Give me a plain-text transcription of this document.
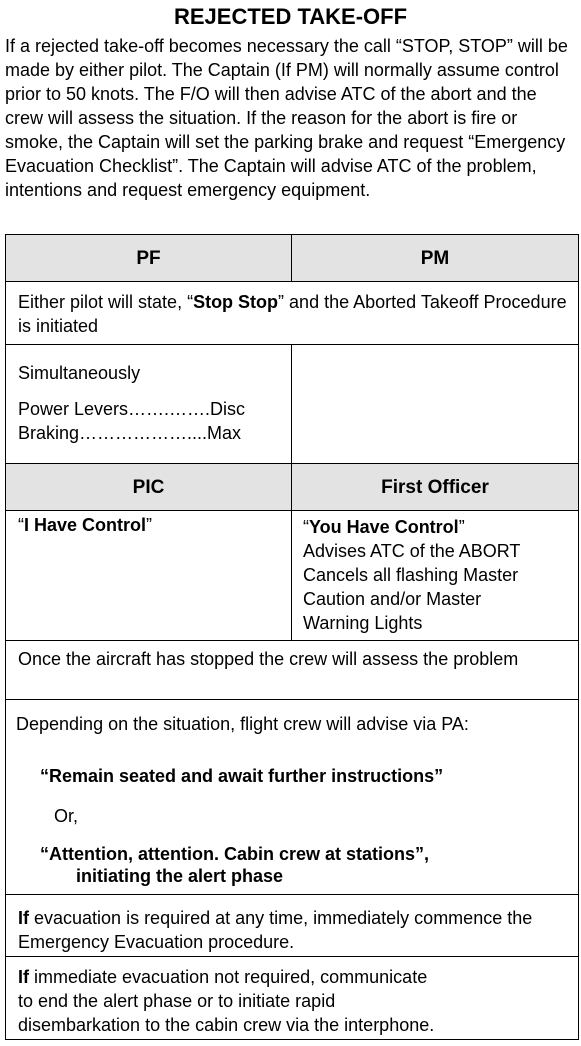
REJECTED TAKE-OFF
If a rejected take-off becomes necessary the call “STOP, STOP” will be made by either pilot. The Captain (If PM) will normally assume control prior to 50 knots. The F/O will then advise ATC of the abort and the crew will assess the situation. If the reason for the abort is fire or smoke, the Captain will set the parking brake and request “Emergency Evacuation Checklist”. The Captain will advise ATC of the problem, intentions and request emergency equipment.
PF	PM
Either pilot will state, “Stop Stop” and the Aborted Takeoff Procedure is initiated
Simultaneously
Power Levers…….…….Disc
Braking………………....Max
PIC	First Officer
“I Have Control”	“You Have Control”
Advises ATC of the ABORT
Cancels all flashing Master
Caution and/or Master
Warning Lights
Once the aircraft has stopped the crew will assess the problem
Depending on the situation, flight crew will advise via PA:
“Remain seated and await further instructions”
Or,
“Attention, attention. Cabin crew at stations”,
initiating the alert phase
If evacuation is required at any time, immediately commence the Emergency Evacuation procedure.
If immediate evacuation not required, communicate
to end the alert phase or to initiate rapid
disembarkation to the cabin crew via the interphone.
